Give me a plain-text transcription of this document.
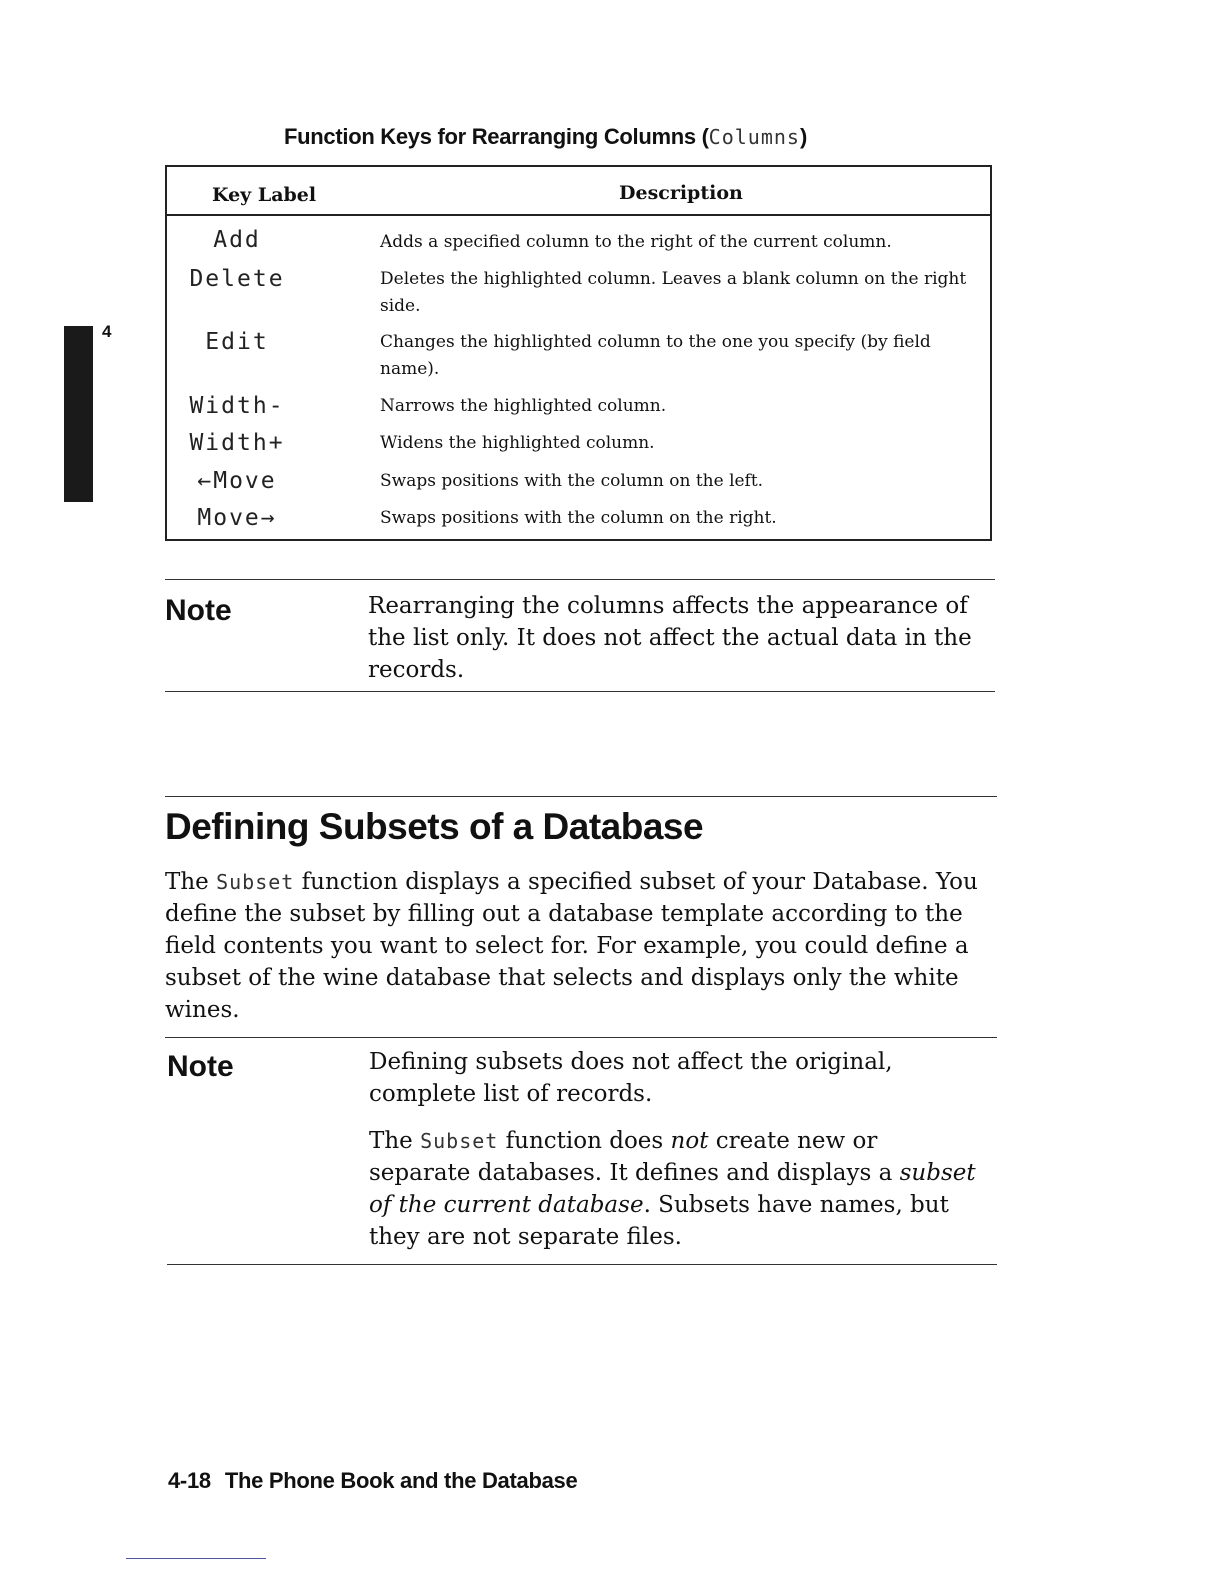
4
Function Keys for Rearranging Columns (Columns)
Key Label	Description
Add	Adds a specified column to the right of the current column.
Delete	Deletes the highlighted column. Leaves a blank column on the right side.
Edit	Changes the highlighted column to the one you specify (by field name).
Width-	Narrows the highlighted column.
Width+	Widens the highlighted column.
←Move	Swaps positions with the column on the left.
Move→	Swaps positions with the column on the right.
Note	Rearranging the columns affects the appearance of the list only. It does not affect the actual data in the records.
Defining Subsets of a Database
The Subset function displays a specified subset of your Database. You define the subset by filling out a database template according to the field contents you want to select for. For example, you could define a subset of the wine database that selects and displays only the white wines.
Note	Defining subsets does not affect the original, complete list of records.
The Subset function does not create new or separate databases. It defines and displays a subset of the current database. Subsets have names, but they are not separate files.
4-18 The Phone Book and the Database
